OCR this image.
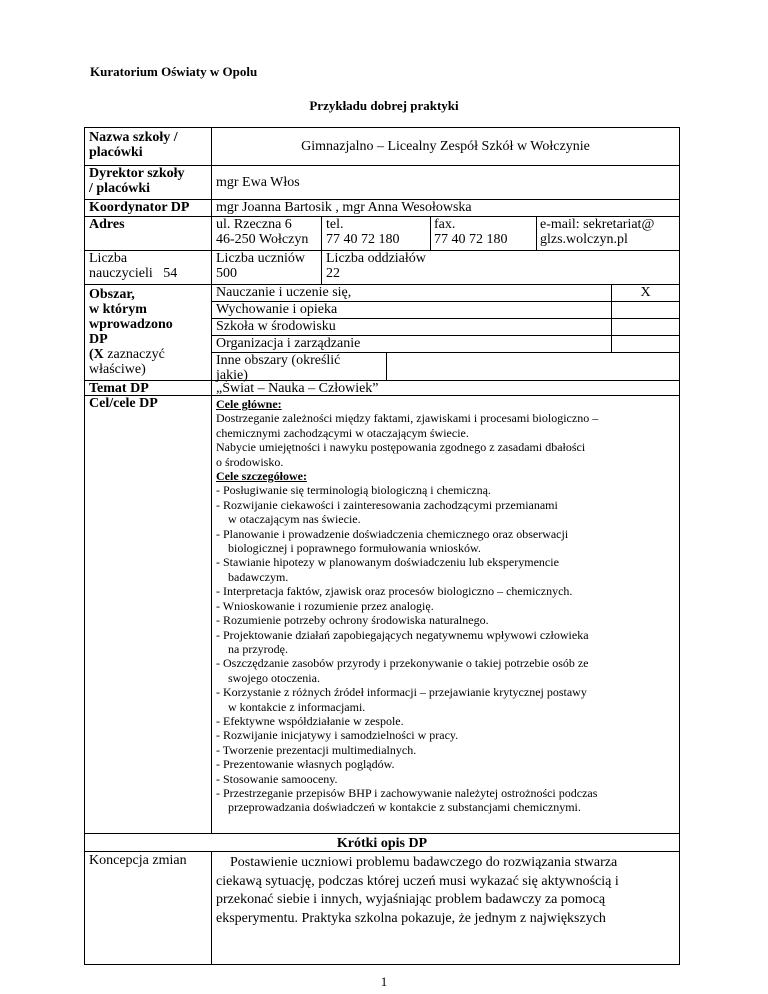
Kuratorium Oświaty w Opolu
Przykładu dobrej praktyki
Nazwa szkoły /
placówki
Dyrektor szkoły
/ placówki
Koordynator DP
Adres
Liczba
nauczycieli   54
Obszar,
w którym
wprowadzono
DP
(X zaznaczyć
właściwe)
Temat DP
Cel/cele DP
Koncepcja zmian
Gimnazjalno – Licealny Zespół Szkół w Wołczynie
mgr Ewa Włos
mgr Joanna Bartosik , mgr Anna Wesołowska
ul. Rzeczna 6
46-250 Wołczyn
tel.
77 40 72 180
fax.
77 40 72 180
e-mail: sekretariat@
glzs.wolczyn.pl
Liczba uczniów
500
Liczba oddziałów
22
Nauczanie i uczenie się,	X
Wychowanie i opieka
Szkoła w środowisku
Organizacja i zarządzanie
Inne obszary (określić
jakie)
„Świat – Nauka – Człowiek”
Cele główne:
Dostrzeganie zależności między faktami, zjawiskami i procesami biologiczno –
chemicznymi zachodzącymi w otaczającym świecie.
Nabycie umiejętności i nawyku postępowania zgodnego z zasadami dbałości
o środowisko.
Cele szczegółowe:
- Posługiwanie się terminologią biologiczną i chemiczną.
- Rozwijanie ciekawości i zainteresowania zachodzącymi przemianami
w otaczającym nas świecie.
- Planowanie i prowadzenie doświadczenia chemicznego oraz obserwacji
biologicznej i poprawnego formułowania wniosków.
- Stawianie hipotezy w planowanym doświadczeniu lub eksperymencie
badawczym.
- Interpretacja faktów, zjawisk oraz procesów biologiczno – chemicznych.
- Wnioskowanie i rozumienie przez analogię.
- Rozumienie potrzeby ochrony środowiska naturalnego.
- Projektowanie działań zapobiegających negatywnemu wpływowi człowieka
na przyrodę.
- Oszczędzanie zasobów przyrody i przekonywanie o takiej potrzebie osób ze
swojego otoczenia.
- Korzystanie z różnych źródeł informacji – przejawianie krytycznej postawy
w kontakcie z informacjami.
- Efektywne współdziałanie w zespole.
- Rozwijanie inicjatywy i samodzielności w pracy.
- Tworzenie prezentacji multimedialnych.
- Prezentowanie własnych poglądów.
- Stosowanie samooceny.
- Przestrzeganie przepisów BHP i zachowywanie należytej ostrożności podczas
przeprowadzania doświadczeń w kontakcie z substancjami chemicznymi.
Krótki opis DP
Postawienie uczniowi problemu badawczego do rozwiązania stwarza
ciekawą sytuację, podczas której uczeń musi wykazać się aktywnością i
przekonać siebie i innych, wyjaśniając problem badawczy za pomocą
eksperymentu. Praktyka szkolna pokazuje, że jednym z największych
1
